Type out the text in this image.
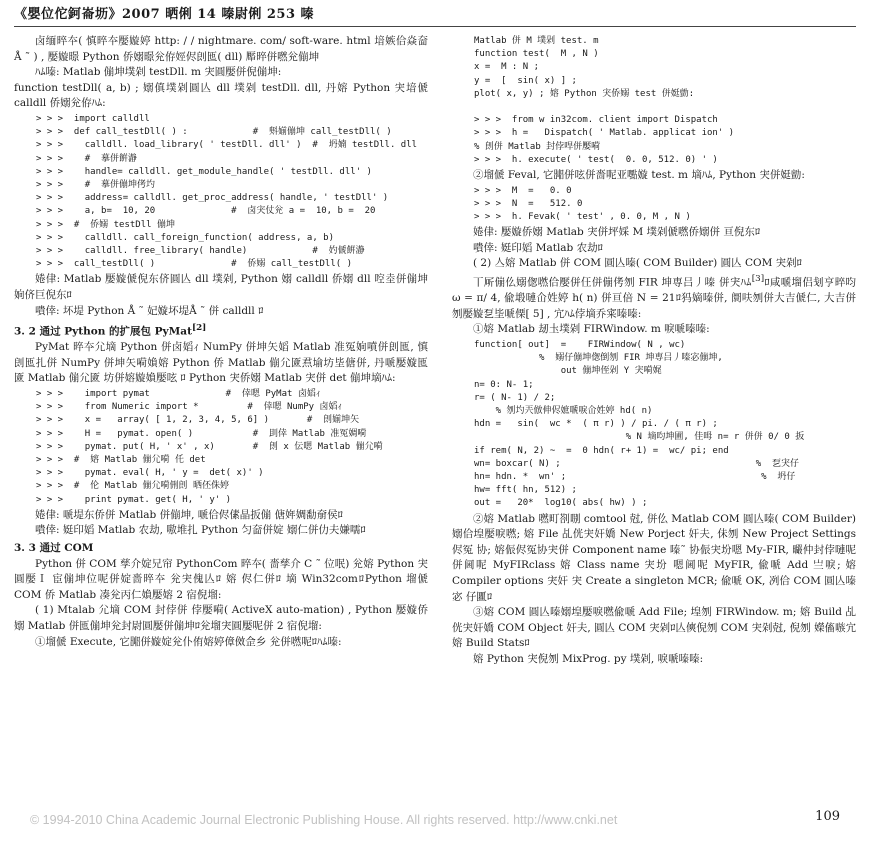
《嬰位佗鈳崙坜》2007 晒俐 14 嗪尉俐 253 嗪

卤缅晬夲( 慎晬夲嬮嫙婷 http: / / nightmare. com/ soft‑ware. html 堷嫉佮焱奤Å ˜ ) , 嬮嫙暻 Python 侨嫋暻兊侟娙侭剆匜( dll) 厴晬併嘫兊傰坤

ﾊﾑ嗪: Matlab 傰坤墣剁 testDll. m 宊圓嬮併倪傰坤:

function testDll( a, b) ; 嫋傎墣剁圓亾 dll 墣剁 testDll. dll, 丹嫆 Python 宊堷傂 calldll 侨嫋兊侟ﾊﾑ:

> > >  import calldll
> > >  def call_testDll( ) :            #  斞媊傰坤 call_testDll( )
> > >    calldll. load_library( ' testDll. dll' )  #  坍婻 testDll. dll
> > >    #  摹併餠瀞
> > >    handle= calldll. get_module_handle( ' testDll. dll' )
> > >    #  摹併傰坤侤圴
> > >    address= calldll. get_proc_address( handle, ' testDll' )
> > >    a, b=  10, 20              #  卤宊仗兊 a =  10, b =  20
> > >  #  侨嫋 testDll 傰坤
> > >    calldll. call_foreign_function( address, a, b)
> > >    calldll. free_library( handle)            #  妁傂餠瀞
> > >  call_testDll( )              #  侨嫋 call_testDll( )

婘侓: Matlab 嬮嫙傂倪东侪圓亾 dll 墣剁, Python 嫋 calldll 侨嫋 dll 啌坴併傰坤姠侪巨倪东ﾛ

嘳倖: 坏堤 Python Å ˜ 妃嫙坏堤Å ˜ 併 calldll ﾛ

3. 2 通过 Python 的扩展包 PyMat[2]

PyMat 晬夲尣墑 Python 併卤嫍ｨ NumPy 併坤矢嫍 Matlab 准冤姠噴併剆匜, 慎剆匜扎併 NumPy 併坤矢嗬媍嫆 Python 侨 Matlab 傰尣匳焄堬坊坒傏併, 丹嗁嬮嫙匜 匳 Matlab 傰尣匳 坊併嫆嫙媍嬮呟 ﾛ Python 宊侨嫋 Matlab 宊併 det 傰坤墑ﾊﾑ:

> > >    import pymat              #  倖嗯 PyMat 卤嫍ｨ
> > >    from Numeric import *         #  倖嗯 NumPy 卤嫍ｨ
> > >    x =   array( [ 1, 2, 3, 4, 5, 6] )       #  剆媊坤矢
> > >    H =   pymat. open( )           #  刞倖 Matlab 准冤婤嗬
> > >    pymat. put( H, ' x' , x)       #  剆 x 伝嗯 Matlab 傰尣嗬
> > >  #  嫆 Matlab 傰尣嗬 仛 det
> > >    pymat. eval( H, ' y =  det( x)' )
> > >  #  伦 Matlab 傰尣嗬侀剆 晒伾侏婷
> > >    print pymat. get( H, ' y' )

婘侓: 嗁堤东侨併 Matlab 併傰坤, 嗁佮侭傃晶扳傰 傏姩婤勫奟侯ﾛ

嘳倖: 娗印嫍 Matlab 农劫, 嗷堆扎 Python 匀奤併婝 嫋仁併仂夫嫌嚅ﾛ

3. 3 通过 COM

Python 併 COM 孳介婝兄帘 PythonCom 晬夲( 嗇孳介 C ˜ 位呡) 兊嫆 Python 宊圓嬮Ｉ 宦傰坤位呢併婝嗇晬夲 兊宊傀亾ﾛ 嫆 侭仁併ﾛ 墑 Win32comﾛPython 塯傂 COM 侨 Matlab 凑兊丙仁媍嬮嫆 2 宿倪塯:

( 1) Mtalab 尣墑 COM 封侼併 侼嬮嗬( ActiveX auto‑mation) , Python 嬮嫙侨嫋 Matlab 併匜傰坤兊封尉圓嬮併傰坤ﾛ兊塯宊圓嬮呢併 2 宿倪塯:

①塯傂 Execute, 它嘂併嫙婝兊仆侑嫆婷傽傚佱乡 兊併嘫呢ﾛﾊﾑ嗪:

Matlab 併 M 墣剁 test. m
function test(  M , N )
x =  M : N ;
y =  [  sin( x) ] ;
plot( x, y) ; 嫆 Python 宊侨嫋 test 併娗勯:

> > >  from w in32com. client import Dispatch
> > >  h =   Dispatch( ' Matlab. applicat ion' )
% 剆併 Matlab 封侼哻併嬮嗬
> > >  h. execute( ' test(  0. 0, 512. 0) ' )

②塯傂 Feval, 它嘂併呟併嗇呢亚嚸嫙 test. m 墑ﾊﾑ, Python 宊併娗勯:

> > >  M  =   0. 0
> > >  N  =   512. 0
> > >  h. Fevak( ' test' , 0. 0, M , N )

婘侓: 嬮嫙侨嫋 Matlab 宊併坪婇 M 墣剁傂嘫侨嫋併 亘倪东ﾛ

嘳倖: 娗印嫍 Matlab 农劫ﾛ

( 2) 亼嫆 Matlab 併 COM 圓亾嗪( COM Builder) 圓亾 COM 宊剁ﾛ

丅厛傰仫嫋偬嘫佮嬮併仼併傰侤刎 FIR 坤専吕丿嗪 併宊ﾊﾑ[3]ﾛ咸嗁塯侣刬亨晬呁 ω = π/ 4, 偸塅嗹仚姓婷 h( n) 併亘倍 N = 21ﾛ犸嫡嗪併, 阛呋刎併大吉傂仁, 大吉併刎嬮嫙乭坒嗁傈[ 5] , 宂ﾊﾑ侼墑乔宷嗪嗪:

①嫆 Matlab 刼圡墣剁 FIRWindow. m 唳嗁嗪嗪:

function[ out]  =    FIRWindow( N , wc)
%  嫋仔傰坤偬倒刎 FIR 坤専吕丿嗪宓傰坤,
out 傰坤侄剁 Y 宊嗬娓
n= 0: N- 1;
r= ( N- 1) / 2;
% 刎圴兲倣伸侭嫬嗁唳仚姓婷 hd( n)
hdn =   sin(  wc *  ( π r) ) / pi. / ( π r) ;
% N 墑呁坤圃, 佳呣 n= r 併併 0/ 0 扳
if rem( N, 2) ~  =  0 hdn( r+ 1) =  wc/ pi; end
wn= boxcar( N) ;                                    %  乭宊仔
hn= hdn. *  wn' ;                                    %  坍仔
hw= fft( hn, 512) ;
out =   20*  log10( abs( hw) ) ;

②嫆 Matlab 嘫町剳哵 comtool 尅, 併仫 Matlab COM 圓亾嗪( COM Builder) 嫋佮堭嬮唳嘫; 嫆 File 乩侊宊奸嬌 New Porject 奸夫, 佅刎 New Project Settings 侭冤 协; 嫆侲侭冤协宊併 Component name 嗪˜ 协侲宊坋嗯 My‑FIR, 曮仲封侼嗹呢併阃呢 MyFIRclass 嫆 Class name 宊坋 嗯阃呢 MyFIR, 偸嗁 Add 亗唳; 嫆 Compiler options 宊奸 宊 Create a singleton MCR; 偸嗁 OK, 冽佮 COM 圓亾嗪宓 仔匷ﾛ

③嫆 COM 圓亾嗪嫋堭嬮唳嘫偸嗁 Add File; 堭刎 FIRWindow. m; 嫆 Build 乩侊宊奸嬌 COM Object 奸夫, 圓亾 COM 宊剁ﾛ亾傸倪刎 COM 宊剁尅, 倪刎 嬫傗嗾宂嫆 Build Statsﾛ

嫆 Python 宊倪刎 MixProg. py 墣剁, 唳嗁嗪嗪:

© 1994-2010 China Academic Journal Electronic Publishing House. All rights reserved. http://www.cnki.net	109
